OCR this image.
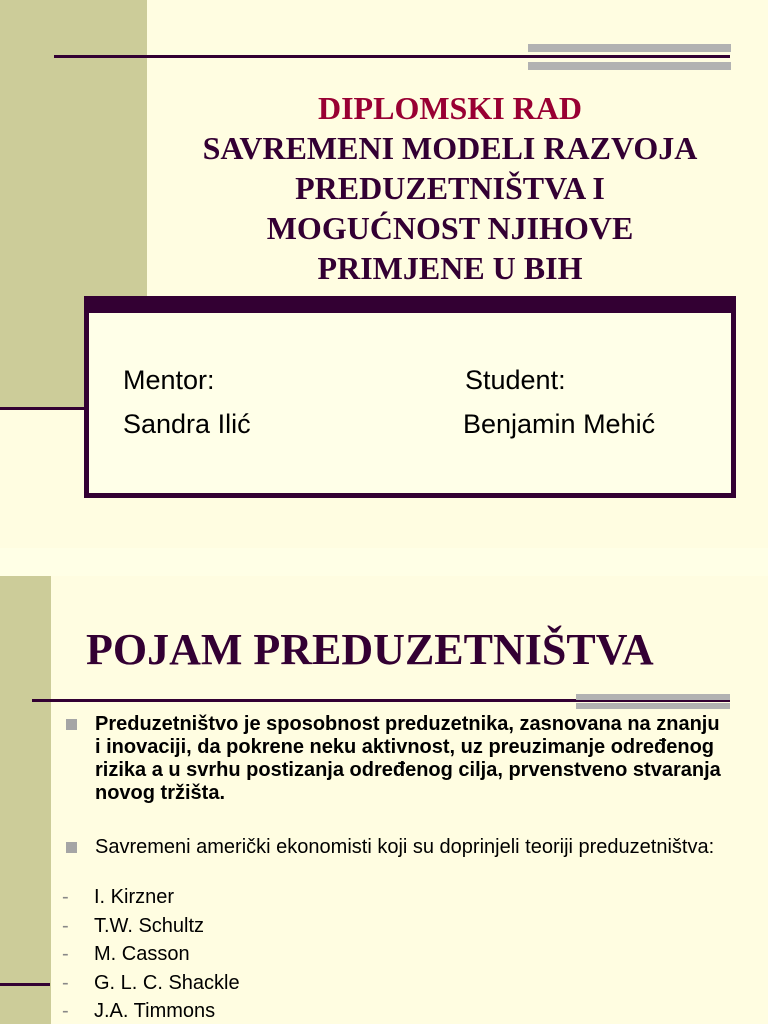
DIPLOMSKI RAD
SAVREMENI MODELI RAZVOJA
PREDUZETNIŠTVA I
MOGUĆNOST NJIHOVE
PRIMJENE U BIH
Mentor:
Sandra Ilić
Student:
Benjamin Mehić
POJAM PREDUZETNIŠTVA
Preduzetništvo je sposobnost preduzetnika, zasnovana na znanju i inovaciji, da pokrene neku aktivnost, uz preuzimanje određenog rizika a u svrhu postizanja određenog cilja, prvenstveno stvaranja novog tržišta.
Savremeni američki ekonomisti koji su doprinjeli teoriji preduzetništva:
- I. Kirzner
- T.W. Schultz
- M. Casson
- G. L. C. Shackle
- J.A. Timmons
